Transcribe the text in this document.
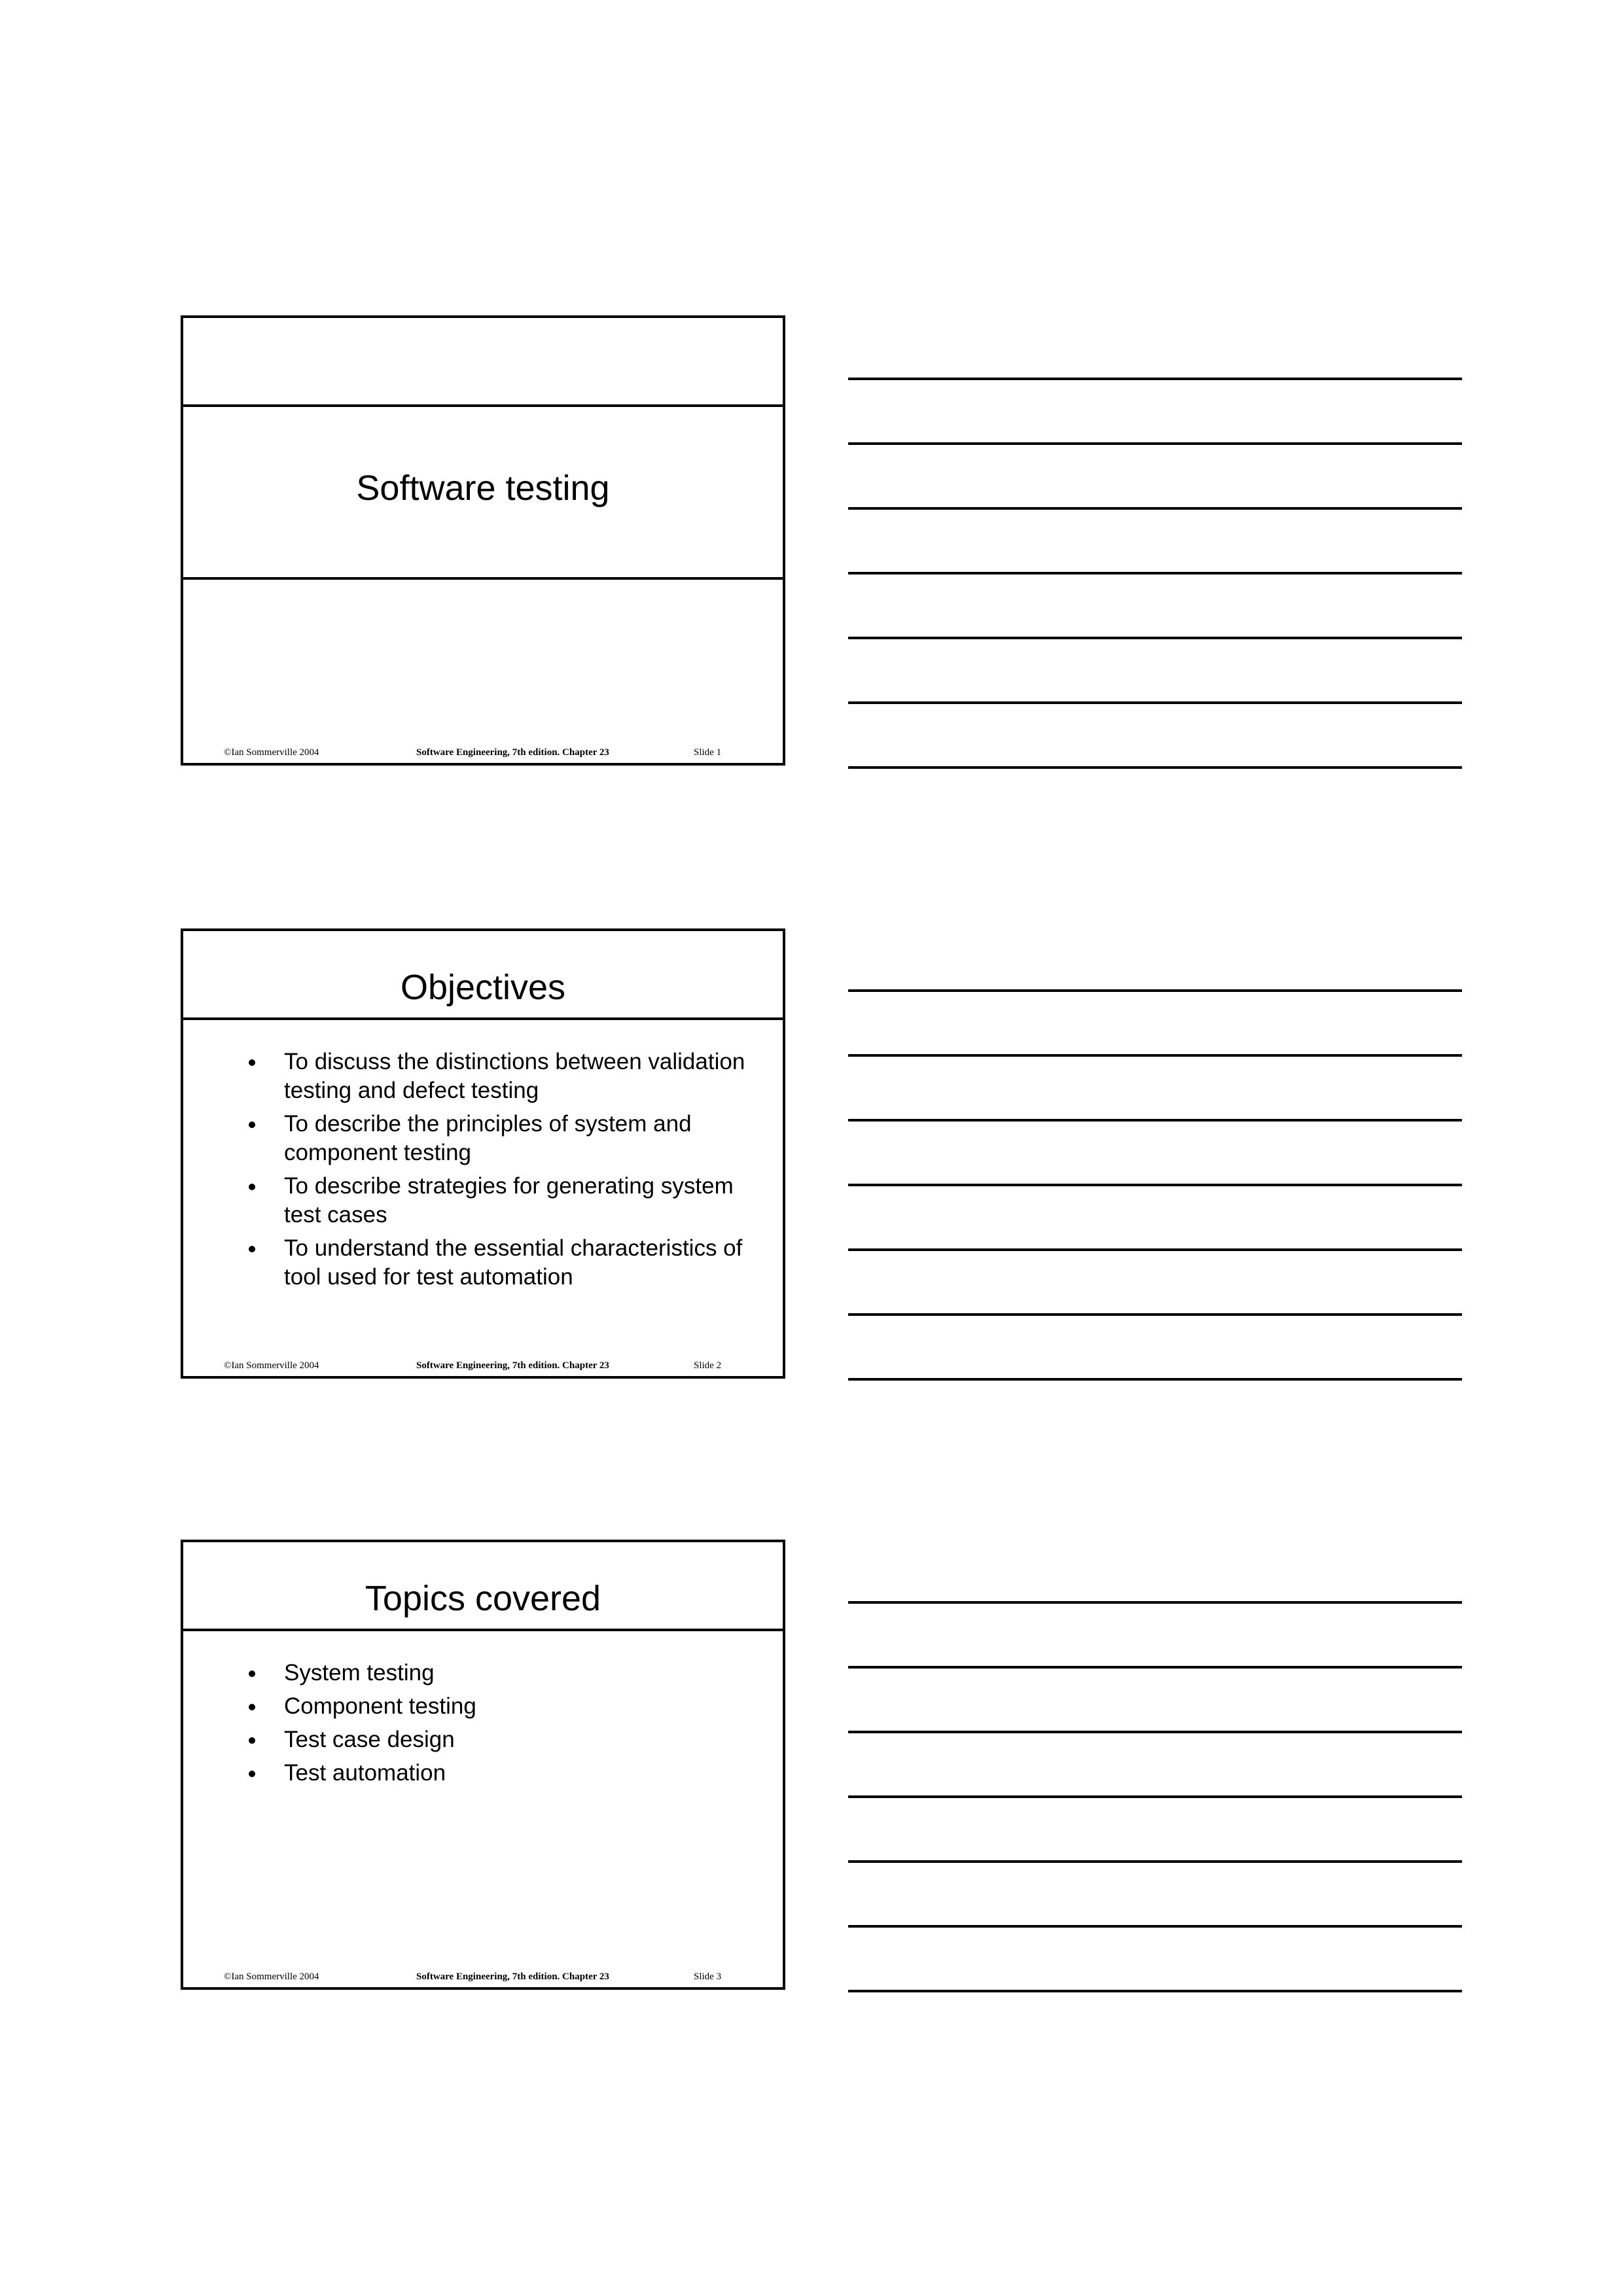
Software testing
©Ian Sommerville 2004	Software Engineering, 7th edition. Chapter 23	Slide 1
Objectives
To discuss the distinctions between validation testing and defect testing
To describe the principles of system and component testing
To describe strategies for generating system test cases
To understand the essential characteristics of tool used for test automation
©Ian Sommerville 2004	Software Engineering, 7th edition. Chapter 23	Slide 2
Topics covered
System testing
Component testing
Test case design
Test automation
©Ian Sommerville 2004	Software Engineering, 7th edition. Chapter 23	Slide 3
